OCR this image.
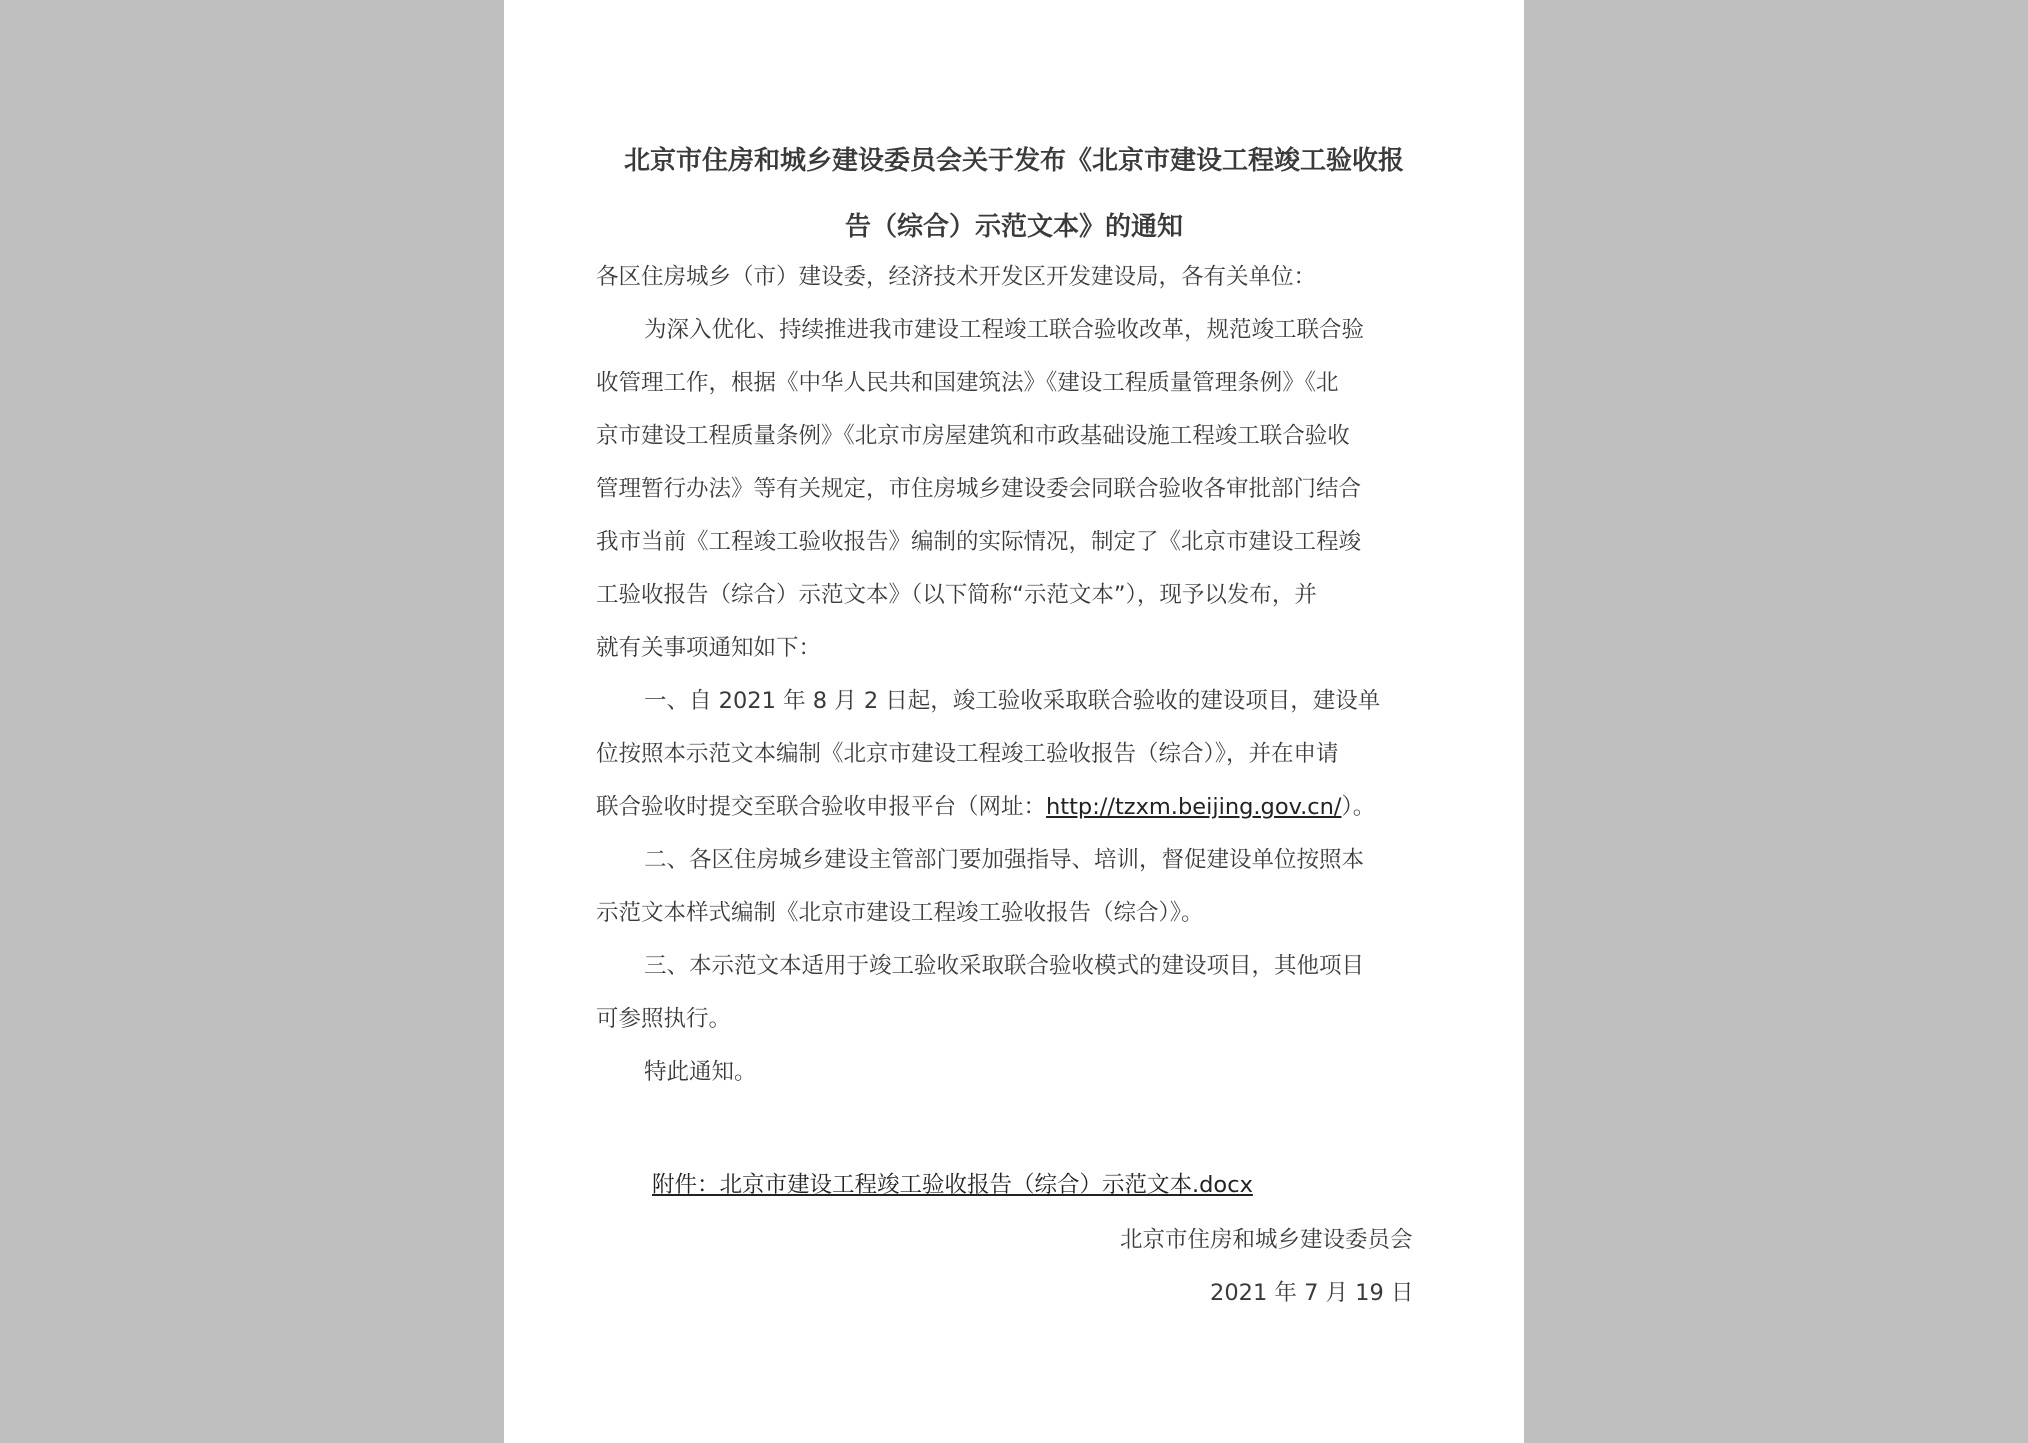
北京市住房和城乡建设委员会关于发布《北京市建设工程竣工验收报
告（综合）示范文本》的通知
各区住房城乡（市）建设委，经济技术开发区开发建设局，各有关单位：
为深入优化、持续推进我市建设工程竣工联合验收改革，规范竣工联合验
收管理工作，根据《中华人民共和国建筑法》《建设工程质量管理条例》《北
京市建设工程质量条例》《北京市房屋建筑和市政基础设施工程竣工联合验收
管理暂行办法》等有关规定，市住房城乡建设委会同联合验收各审批部门结合
我市当前《工程竣工验收报告》编制的实际情况，制定了《北京市建设工程竣
工验收报告（综合）示范文本》（以下简称“示范文本”），现予以发布，并
就有关事项通知如下：
一、自 2021 年 8 月 2 日起，竣工验收采取联合验收的建设项目，建设单
位按照本示范文本编制《北京市建设工程竣工验收报告（综合）》，并在申请
联合验收时提交至联合验收申报平台（网址：http://tzxm.beijing.gov.cn/）。
二、各区住房城乡建设主管部门要加强指导、培训，督促建设单位按照本
示范文本样式编制《北京市建设工程竣工验收报告（综合）》。
三、本示范文本适用于竣工验收采取联合验收模式的建设项目，其他项目
可参照执行。
特此通知。
附件：北京市建设工程竣工验收报告（综合）示范文本.docx
北京市住房和城乡建设委员会
2021 年 7 月 19 日
